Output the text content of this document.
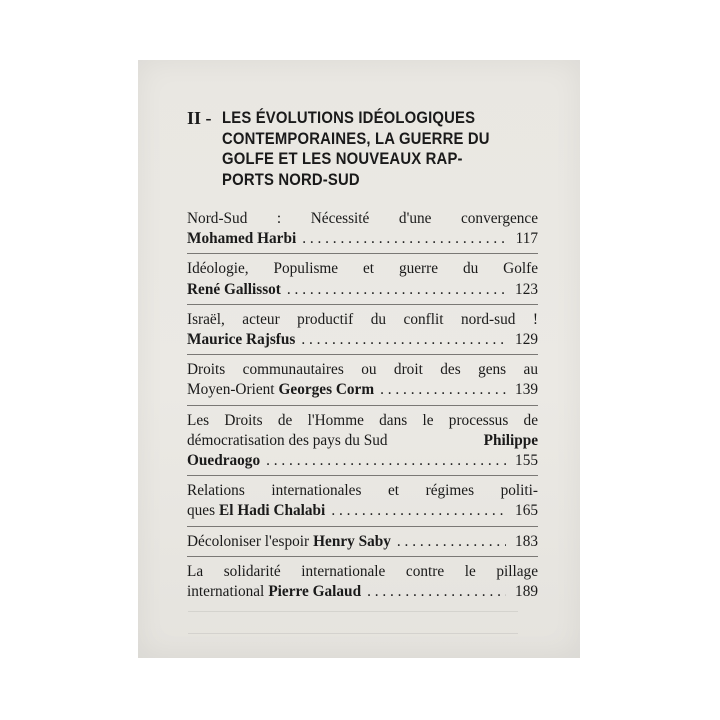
II - LES ÉVOLUTIONS IDÉOLOGIQUES
CONTEMPORAINES, LA GUERRE DU
GOLFE ET LES NOUVEAUX RAP-
PORTS NORD-SUD
Nord-Sud : Nécessité d'une convergence
Mohamed Harbi . . .	117
Idéologie, Populisme et guerre du Golfe
René Gallissot . . .	123
Israël, acteur productif du conflit nord-sud !
Maurice Rajsfus . . .	129
Droits communautaires ou droit des gens au
Moyen-Orient Georges Corm . . .	139
Les Droits de l'Homme dans le processus de
démocratisation des pays du Sud	Philippe
Ouedraogo . . .	155
Relations internationales et régimes politi-
ques El Hadi Chalabi . . .	165
Décoloniser l'espoir Henry Saby . . .	183
La solidarité internationale contre le pillage
international Pierre Galaud . . .	189
